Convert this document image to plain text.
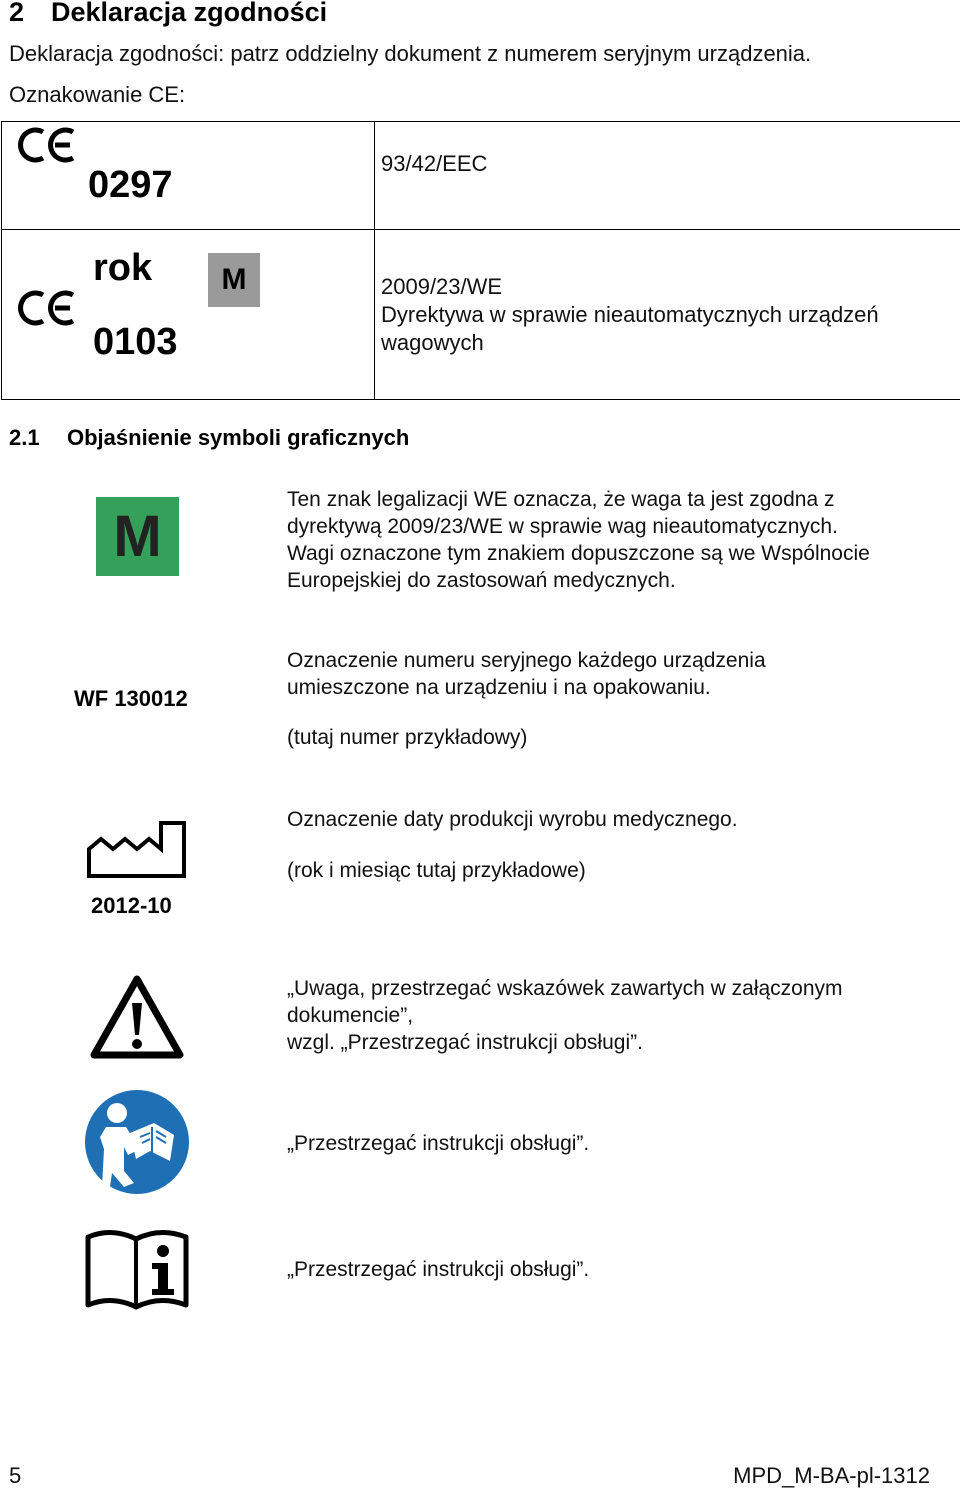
2 Deklaracja zgodności
Deklaracja zgodności: patrz oddzielny dokument z numerem seryjnym urządzenia.
Oznakowanie CE:
0297
93/42/EEC
rok	M
0103
2009/23/WE
Dyrektywa w sprawie nieautomatycznych urządzeń
wagowych
2.1 Objaśnienie symboli graficznych
M
Ten znak legalizacji WE oznacza, że waga ta jest zgodna z
dyrektywą 2009/23/WE w sprawie wag nieautomatycznych.
Wagi oznaczone tym znakiem dopuszczone są we Wspólnocie
Europejskiej do zastosowań medycznych.
WF 130012
Oznaczenie numeru seryjnego każdego urządzenia
umieszczone na urządzeniu i na opakowaniu.
(tutaj numer przykładowy)
2012-10
Oznaczenie daty produkcji wyrobu medycznego.
(rok i miesiąc tutaj przykładowe)
„Uwaga, przestrzegać wskazówek zawartych w załączonym
dokumencie”,
wzgl. „Przestrzegać instrukcji obsługi”.
„Przestrzegać instrukcji obsługi”.
„Przestrzegać instrukcji obsługi”.
5	MPD_M-BA-pl-1312
